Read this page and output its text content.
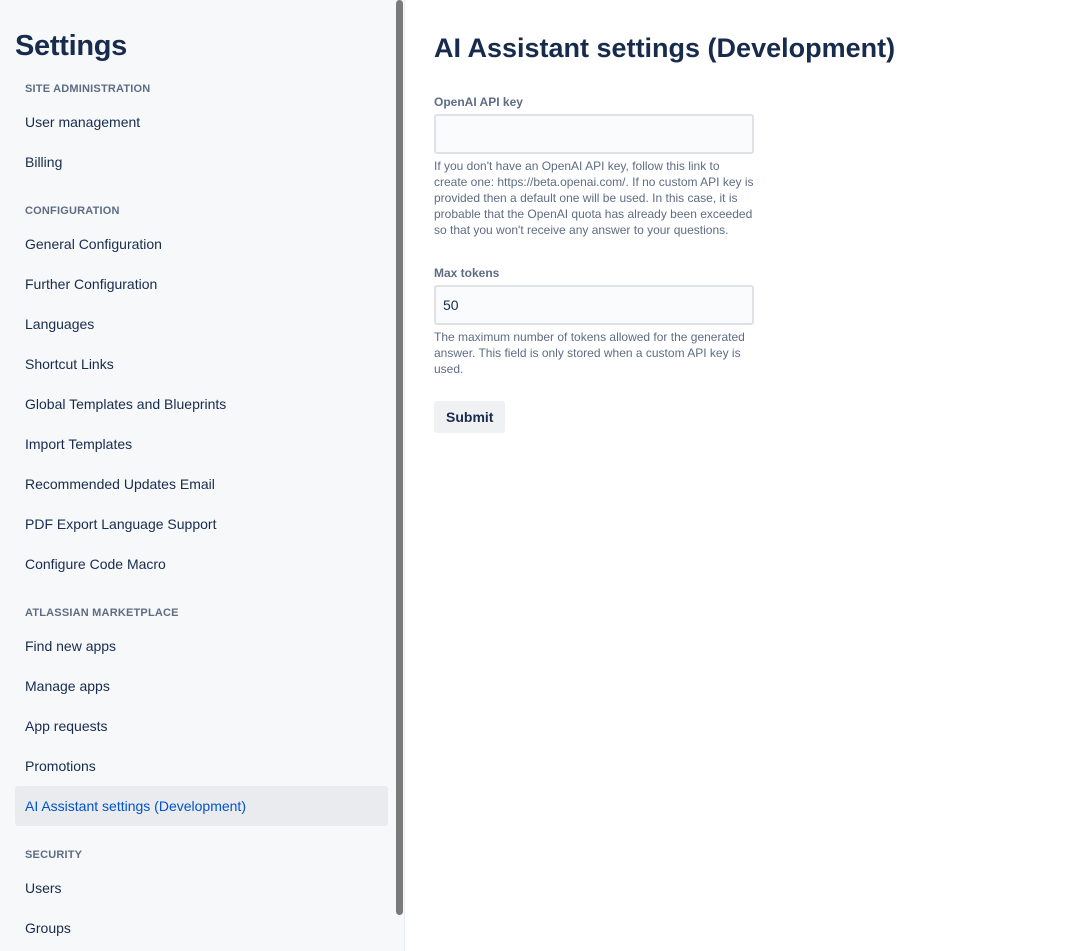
Settings
SITE ADMINISTRATION
User management
Billing
CONFIGURATION
General Configuration
Further Configuration
Languages
Shortcut Links
Global Templates and Blueprints
Import Templates
Recommended Updates Email
PDF Export Language Support
Configure Code Macro
ATLASSIAN MARKETPLACE
Find new apps
Manage apps
App requests
Promotions
AI Assistant settings (Development)
SECURITY
Users
Groups
AI Assistant settings (Development)
OpenAI API key
If you don't have an OpenAI API key, follow this link to create one: https://beta.openai.com/. If no custom API key is provided then a default one will be used. In this case, it is probable that the OpenAI quota has already been exceeded so that you won't receive any answer to your questions.
Max tokens
50
The maximum number of tokens allowed for the generated answer. This field is only stored when a custom API key is used.
Submit
